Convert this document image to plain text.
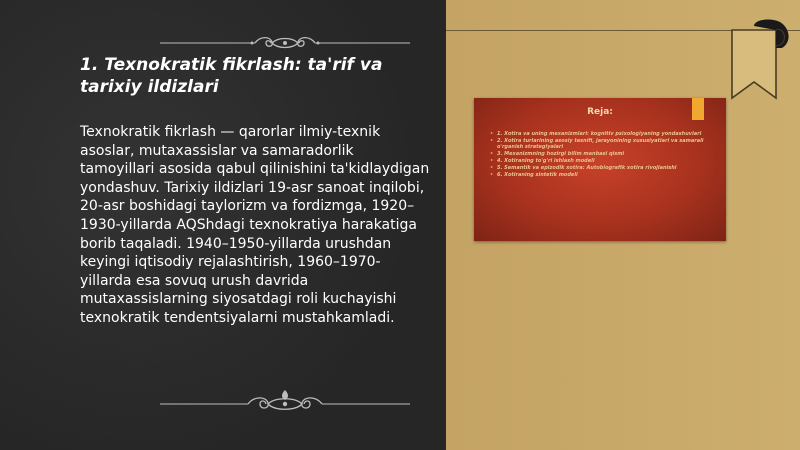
1. Texnokratik fikrlash: ta'rif va tarixiy ildizlari

Texnokratik fikrlash — qarorlar ilmiy-texnik asoslar, mutaxassislar va samaradorlik tamoyillari asosida qabul qilinishini ta'kidlaydigan yondashuv. Tarixiy ildizlari 19-asr sanoat inqilobi, 20-asr boshidagi taylorizm va fordizmga, 1920–1930-yillarda AQShdagi texnokratiya harakatiga borib taqaladi. 1940–1950-yillarda urushdan keyingi iqtisodiy rejalashtirish, 1960–1970-yillarda esa sovuq urush davrida mutaxassislarning siyosatdagi roli kuchayishi texnokratik tendentsiyalarni mustahkamladi.

Reja:

• 1. Xotira va uning mexanizmlari: kognitiv psixologiyaning yondashuvlari
• 2. Xotira turlarining asosiy tasnifi, jarayonining xususiyatlari va samarali o'rganish strategiyalari
• 3. Mexanizmning hozirgi bilim manbasi qismi
• 4. Xotiraning to'g'ri ishlash modeli
• 5. Semantik va epizodik xotira: Autobiografik xotira rivojlanishi
• 6. Xotiraning sintetik modeli
